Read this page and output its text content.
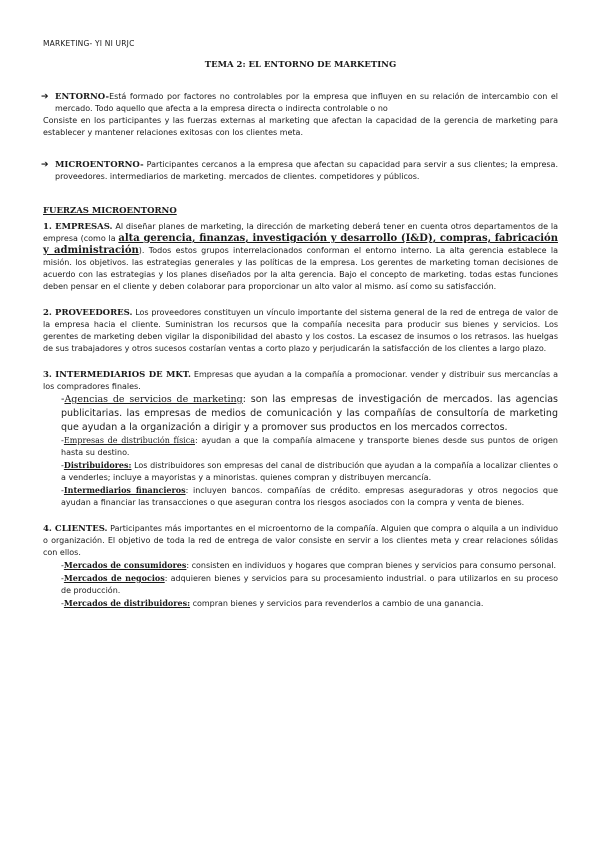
MARKETING- YI NI URJC
TEMA 2: EL ENTORNO DE MARKETING
➔ ENTORNO-Está formado por factores no controlables por la empresa que influyen en su relación de intercambio con el mercado. Todo aquello que afecta a la empresa directa o indirecta controlable o no
Consiste en los participantes y las fuerzas externas al marketing que afectan la capacidad de la gerencia de marketing para establecer y mantener relaciones exitosas con los clientes meta.
➔ MICROENTORNO- Participantes cercanos a la empresa que afectan su capacidad para servir a sus clientes; la empresa. proveedores. intermediarios de marketing. mercados de clientes. competidores y públicos.
FUERZAS MICROENTORNO
1. EMPRESAS. Al diseñar planes de marketing, la dirección de marketing deberá tener en cuenta otros departamentos de la empresa (como la alta gerencia, finanzas, investigación y desarrollo (I&D), compras, fabricación y administración). Todos estos grupos interrelacionados conforman el entorno interno. La alta gerencia establece la misión. los objetivos. las estrategias generales y las políticas de la empresa. Los gerentes de marketing toman decisiones de acuerdo con las estrategias y los planes diseñados por la alta gerencia. Bajo el concepto de marketing. todas estas funciones deben pensar en el cliente y deben colaborar para proporcionar un alto valor al mismo. así como su satisfacción.
2. PROVEEDORES. Los proveedores constituyen un vínculo importante del sistema general de la red de entrega de valor de la empresa hacia el cliente. Suministran los recursos que la compañía necesita para producir sus bienes y servicios. Los gerentes de marketing deben vigilar la disponibilidad del abasto y los costos. La escasez de insumos o los retrasos. las huelgas de sus trabajadores y otros sucesos costarían ventas a corto plazo y perjudicarán la satisfacción de los clientes a largo plazo.
3. INTERMEDIARIOS DE MKT. Empresas que ayudan a la compañía a promocionar. vender y distribuir sus mercancías a los compradores finales.
-Agencias de servicios de marketing: son las empresas de investigación de mercados. las agencias publicitarias. las empresas de medios de comunicación y las compañías de consultoría de marketing que ayudan a la organización a dirigir y a promover sus productos en los mercados correctos.
-Empresas de distribución física: ayudan a que la compañía almacene y transporte bienes desde sus puntos de origen hasta su destino.
-Distribuidores: Los distribuidores son empresas del canal de distribución que ayudan a la compañía a localizar clientes o a venderles; incluye a mayoristas y a minoristas. quienes compran y distribuyen mercancía.
-Intermediarios financieros: incluyen bancos. compañías de crédito. empresas aseguradoras y otros negocios que ayudan a financiar las transacciones o que aseguran contra los riesgos asociados con la compra y venta de bienes.
4. CLIENTES. Participantes más importantes en el microentorno de la compañía. Alguien que compra o alquila a un individuo o organización. El objetivo de toda la red de entrega de valor consiste en servir a los clientes meta y crear relaciones sólidas con ellos.
-Mercados de consumidores: consisten en individuos y hogares que compran bienes y servicios para consumo personal.
-Mercados de negocios: adquieren bienes y servicios para su procesamiento industrial. o para utilizarlos en su proceso de producción.
-Mercados de distribuidores: compran bienes y servicios para revenderlos a cambio de una ganancia.
